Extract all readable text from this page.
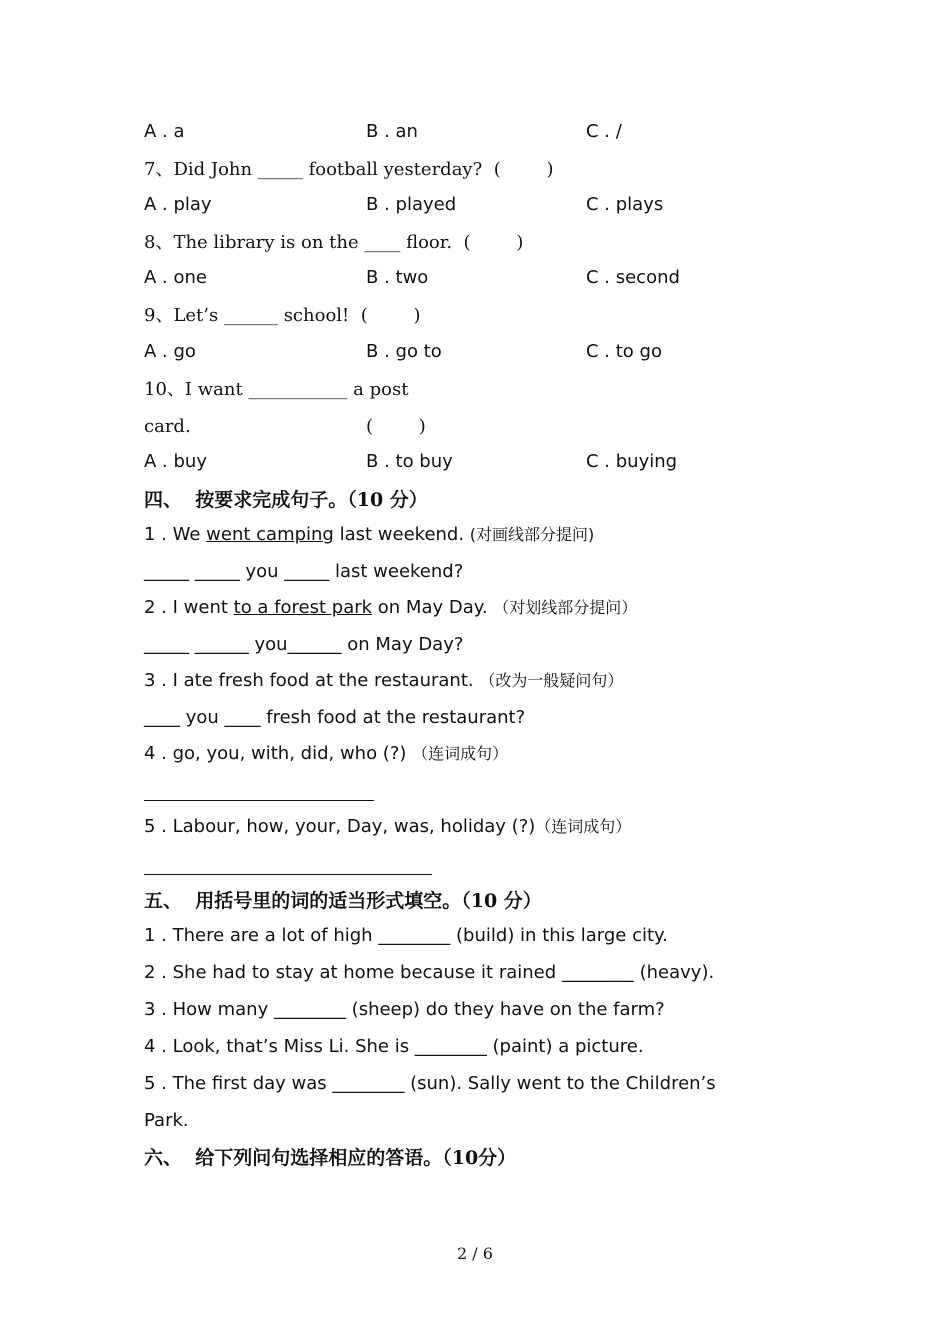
A . a	B . an	C . /
7、Did John _____ football yesterday?  (        )
A . play	B . played	C . plays
8、The library is on the ____ floor.  (        )
A . one	B . two	C . second
9、Let’s ______ school!  (        )
A . go	B . go to	C . to go
10、I want ___________ a post
card.	(        )
A . buy	B . to buy	C . buying
四、  按要求完成句子。（10 分）
1 . We went camping last weekend. (对画线部分提问)
_____ _____ you _____ last weekend?
2 . I went to a forest park on May Day. （对划线部分提问）
_____ ______ you______ on May Day?
3 . I ate fresh food at the restaurant. （改为一般疑问句）
____ you ____ fresh food at the restaurant?
4 . go, you, with, did, who (?) （连词成句）
5 . Labour, how, your, Day, was, holiday (?)（连词成句）
五、  用括号里的词的适当形式填空。（10 分）
1 . There are a lot of high ________ (build) in this large city.
2 . She had to stay at home because it rained ________ (heavy).
3 . How many ________ (sheep) do they have on the farm?
4 . Look, that’s Miss Li. She is ________ (paint) a picture.
5 . The first day was ________ (sun). Sally went to the Children’s
Park.
六、  给下列问句选择相应的答语。（10分）
2 / 6
